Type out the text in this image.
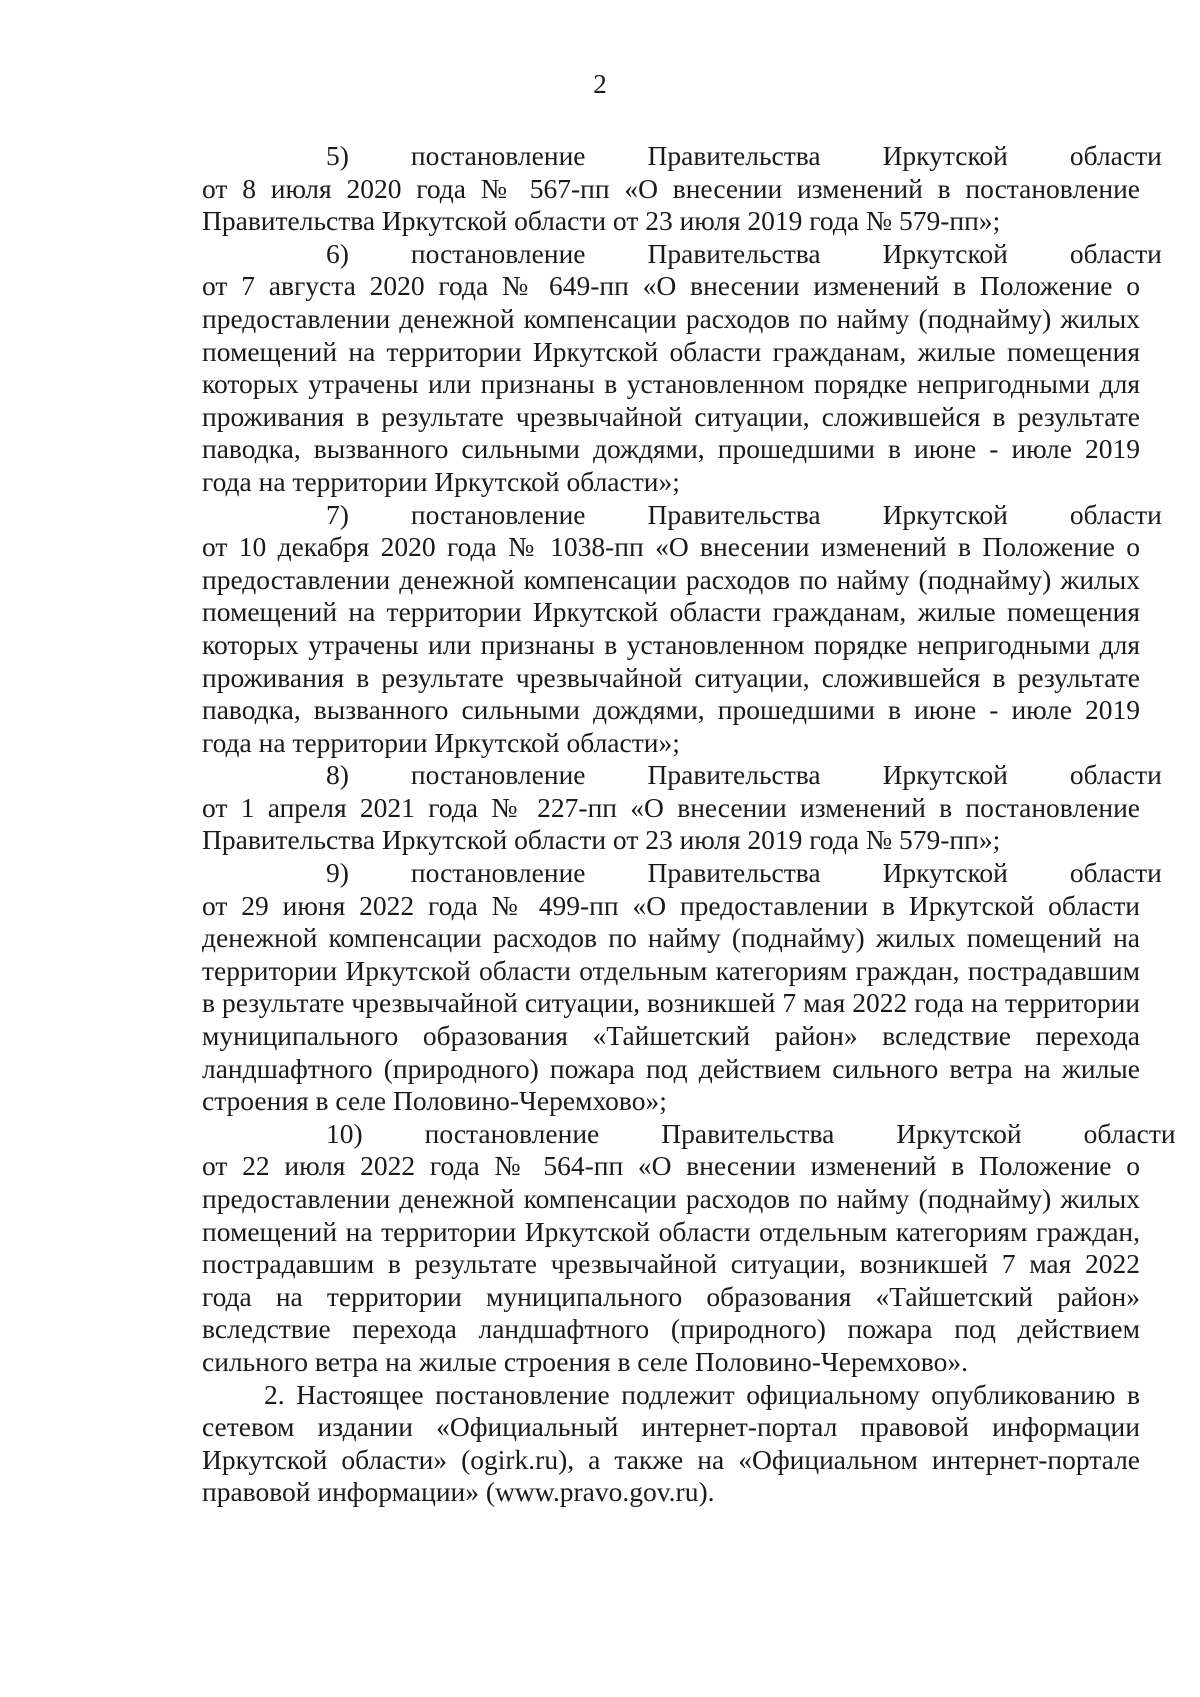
2
5)	постановление	Правительства	Иркутской	области

от 8 июля 2020 года № 567-пп «О внесении изменений в постановление Правительства Иркутской области от 23 июля 2019 года № 579-пп»;

6)	постановление	Правительства	Иркутской	области

от 7 августа 2020 года № 649-пп «О внесении изменений в Положение о предоставлении денежной компенсации расходов по найму (поднайму) жилых помещений на территории Иркутской области гражданам, жилые помещения которых утрачены или признаны в установленном порядке непригодными для проживания в результате чрезвычайной ситуации, сложившейся в результате паводка, вызванного сильными дождями, прошедшими в июне - июле 2019 года на территории Иркутской области»;

7)	постановление	Правительства	Иркутской	области

от 10 декабря 2020 года № 1038-пп «О внесении изменений в Положение о предоставлении денежной компенсации расходов по найму (поднайму) жилых помещений на территории Иркутской области гражданам, жилые помещения которых утрачены или признаны в установленном порядке непригодными для проживания в результате чрезвычайной ситуации, сложившейся в результате паводка, вызванного сильными дождями, прошедшими в июне - июле 2019 года на территории Иркутской области»;

8)	постановление	Правительства	Иркутской	области

от 1 апреля 2021 года № 227-пп «О внесении изменений в постановление Правительства Иркутской области от 23 июля 2019 года № 579-пп»;

9)	постановление	Правительства	Иркутской	области

от 29 июня 2022 года № 499-пп «О предоставлении в Иркутской области денежной компенсации расходов по найму (поднайму) жилых помещений на территории Иркутской области отдельным категориям граждан, пострадавшим в результате чрезвычайной ситуации, возникшей 7 мая 2022 года на территории муниципального образования «Тайшетский район» вследствие перехода ландшафтного (природного) пожара под действием сильного ветра на жилые строения в селе Половино-Черемхово»;

10)	постановление	Правительства	Иркутской	области

от 22 июля 2022 года № 564-пп «О внесении изменений в Положение о предоставлении денежной компенсации расходов по найму (поднайму) жилых помещений на территории Иркутской области отдельным категориям граждан, пострадавшим в результате чрезвычайной ситуации, возникшей 7 мая 2022 года на территории муниципального образования «Тайшетский район» вследствие перехода ландшафтного (природного) пожара под действием сильного ветра на жилые строения в селе Половино-Черемхово».

2. Настоящее постановление подлежит официальному опубликованию в сетевом издании «Официальный интернет-портал правовой информации Иркутской области» (ogirk.ru), а также на «Официальном интернет-портале правовой информации» (www.pravo.gov.ru).
